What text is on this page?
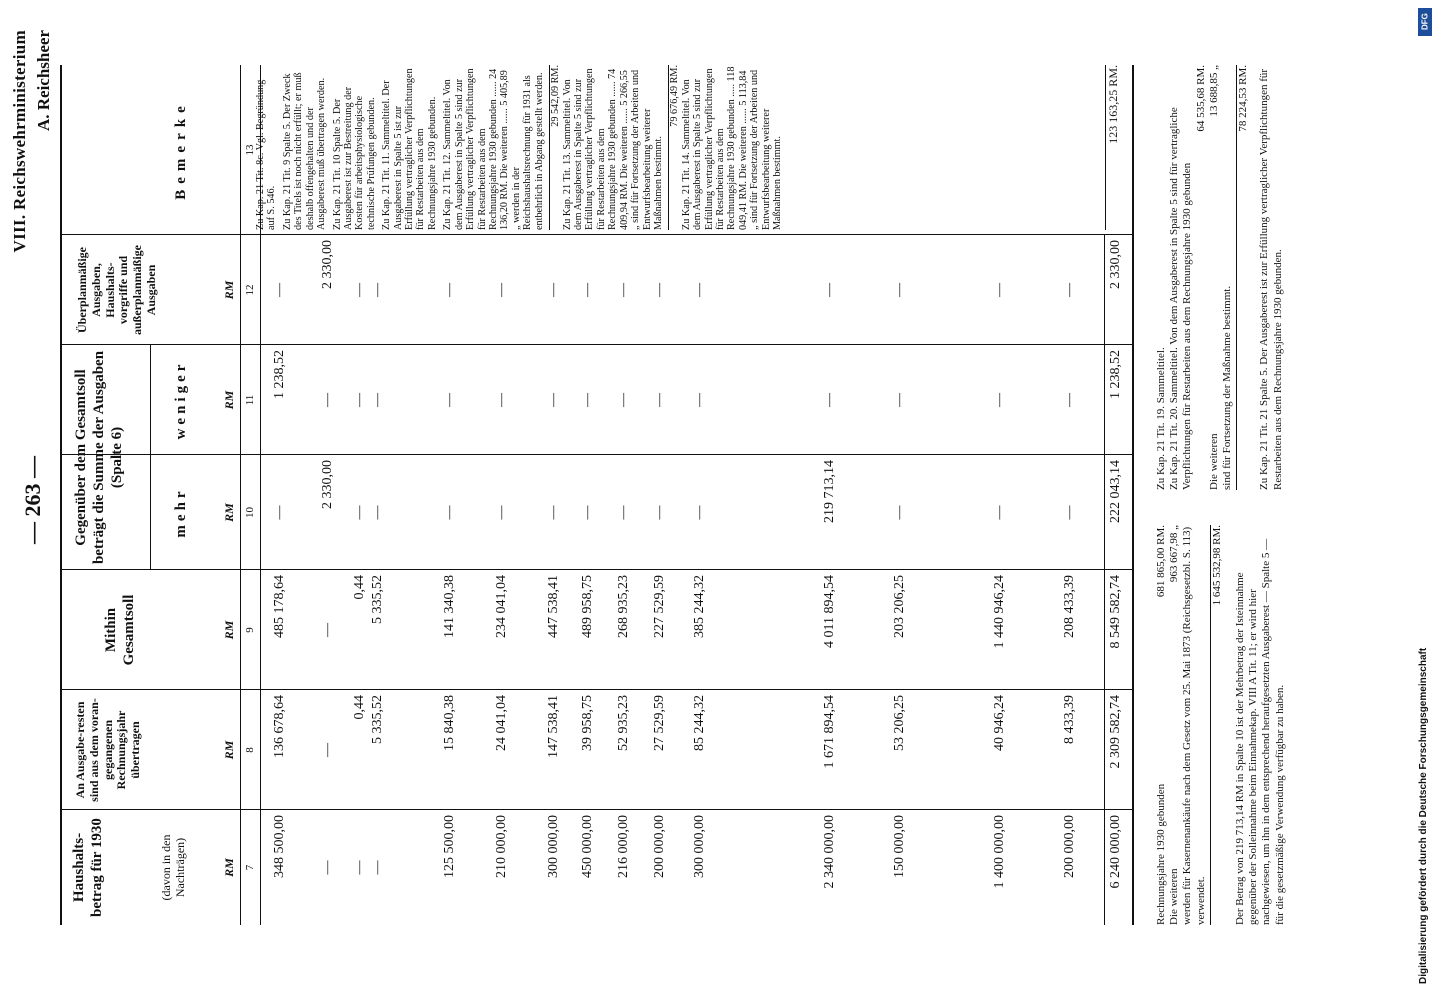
— 263 —
VIII. Reichswehrministerium A. Reichsheer
Haushalts-betrag für 1930	(davon in den Nachträgen)
An Ausgabe-resten sind aus dem voran-gegangenen Rechnungsjahr übertragen
Mithin Gesamtsoll
Gegenüber dem Gesamtsoll beträgt die Summe der Ausgaben (Spalte 6)
mehr
weniger
Überplanmäßige Ausgaben, Haushalts-vorgriffe und außerplanmäßige Ausgaben
Bemerke
RM
RM
RM
RM
RM
RM
7
8
9
10
11
12
13
348 500,00
136 678,64
485 178,64
—
1 238,52
—
—
—
—
2 330,00
—
2 330,00
—
0,44
0,44
—
—
—
—
5 335,52
5 335,52
—
—
—
125 500,00
15 840,38
141 340,38
—
—
—
210 000,00
24 041,04
234 041,04
—
—
—
300 000,00
147 538,41
447 538,41
—
—
—
450 000,00
39 958,75
489 958,75
—
—
—
216 000,00
52 935,23
268 935,23
—
—
—
200 000,00
27 529,59
227 529,59
—
—
—
300 000,00
85 244,32
385 244,32
—
—
—
2 340 000,00
1 671 894,54
4 011 894,54
219 713,14
—
—
150 000,00
53 206,25
203 206,25
—
—
—
1 400 000,00
40 946,24
1 440 946,24
—
—
—
200 000,00
8 433,39
208 433,39
—
—
—
6 240 000,00
2 309 582,74
8 549 582,74
222 043,14
1 238,52
2 330,00

Zu Kap. 21 Tit. 8c. Vgl. Begründung auf S. 546. Zu Kap. 21 Tit. 9 Spalte 5. Der Zweck des Titels ist noch nicht erfüllt; er muß deshalb offengehalten und der Ausgaberest muß übertragen werden. Zu Kap. 21 Tit. 10 Spalte 5. Der Ausgaberest ist zur Bestreitung der Kosten für arbeitsphysiologische technische Prüfungen gebunden. Zu Kap. 21 Tit. 11. Sammeltitel. Der Ausgaberest in Spalte 5 ist zur Erfüllung vertraglicher Verpflichtungen für Restarbeiten aus dem Rechnungsjahre 1930 gebunden. Zu Kap. 21 Tit. 12. Sammeltitel. Von dem Ausgaberest in Spalte 5 sind zur Erfüllung vertraglicher Verpflichtungen für Restarbeiten aus dem Rechnungsjahre 1930 gebunden ...... 24 136,20 RM. Die weiteren ...... 5 405,89 „ werden in der Reichshaushaltsrechnung für 1931 als entbehrlich in Abgang gestellt werden. 29 542,09 RM. Zu Kap. 21 Tit. 13. Sammeltitel. Von dem Ausgaberest in Spalte 5 sind zur Erfüllung vertraglicher Verpflichtungen für Restarbeiten aus dem Rechnungsjahre 1930 gebunden ...... 74 409,94 RM. Die weiteren ...... 5 266,55 „ sind für Fortsetzung der Arbeiten und Entwurfsbearbeitung weiterer Maßnahmen bestimmt.

79 676,49 RM. Zu Kap. 21 Tit. 14. Sammeltitel. Von dem Ausgaberest in Spalte 5 sind zur Erfüllung vertraglicher Verpflichtungen für Restarbeiten aus dem Rechnungsjahre 1930 gebunden ..... 118 049,41 RM. Die weiteren ...... 5 113,84 „ sind für Fortsetzung der Arbeiten und Entwurfsbearbeitung weiterer Maßnahmen bestimmt.

123 163,25 RM.
Rechnungsjahre 1930 gebunden
681 865,00 RM.
Die weiteren
963 667,98 „ werden für Kasernenankäufe nach dem Gesetz vom 25. Mai 1873 (Reichsgesetzbl. S. 113) verwendet.
1 645 532,98 RM.
Der Betrag von 219 713,14 RM in Spalte 10 ist der Mehrbetrag der Isteinnahme gegenüber der Solleinnahme beim Einnahmekap. VIII A Tit. 11; er wird hier nachgewiesen, um ihn in dem entsprechend heraufgesetzten Ausgaberest — Spalte 5 — für die gesetzmäßige Verwendung verfügbar zu haben.
Zu Kap. 21 Tit. 19. Sammeltitel. Zu Kap. 21 Tit. 20. Sammeltitel. Von dem Ausgaberest in Spalte 5 sind für vertragliche Verpflichtungen für Restarbeiten aus dem Rechnungsjahre 1930 gebunden
64 535,68 RM.
Die weiteren
13 688,85 „
sind für Fortsetzung der Maßnahme bestimmt.
78 224,53 RM. Zu Kap. 21 Tit. 21 Spalte 5. Der Ausgaberest ist zur Erfüllung vertraglicher Verpflichtungen für Restarbeiten aus dem Rechnungsjahre 1930 gebunden.
DFG
Digitalisierung gefördert durch die Deutsche Forschungsgemeinschaft
